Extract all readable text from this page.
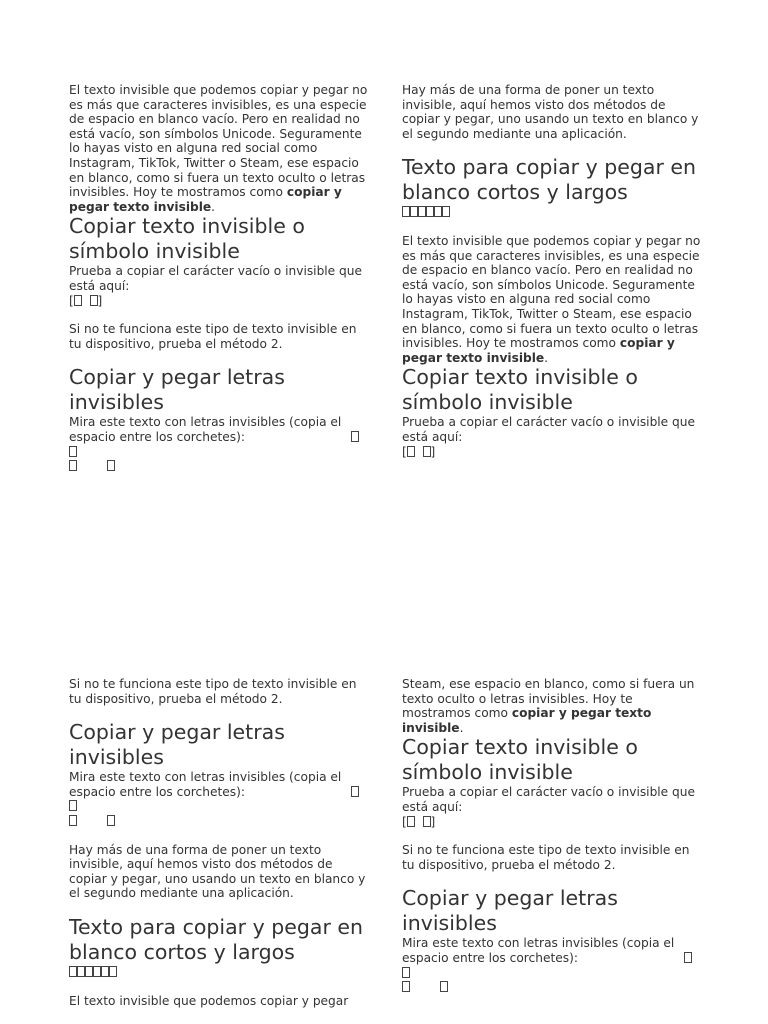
El texto invisible que podemos copiar y pegar no es más que caracteres invisibles, es una especie de espacio en blanco vacío. Pero en realidad no está vacío, son símbolos Unicode. Seguramente lo hayas visto en alguna red social como Instagram, TikTok, Twitter o Steam, ese espacio en blanco, como si fuera un texto oculto o letras invisibles. Hoy te mostramos como copiar y pegar texto invisible.

Copiar texto invisible o símbolo invisible

Prueba a copiar el carácter vacío o invisible que está aquí:

[ ]

Si no te funciona este tipo de texto invisible en tu dispositivo, prueba el método 2.

Copiar y pegar letras invisibles

Mira este texto con letras invisibles (copia el espacio entre los corchetes):

Hay más de una forma de poner un texto invisible, aquí hemos visto dos métodos de copiar y pegar, uno usando un texto en blanco y el segundo mediante una aplicación.

Texto para copiar y pegar en blanco cortos y largos

El texto invisible que podemos copiar y pegar no es más que caracteres invisibles, es una especie de espacio en blanco vacío. Pero en realidad no está vacío, son símbolos Unicode. Seguramente lo hayas visto en alguna red social como Instagram, TikTok, Twitter o Steam, ese espacio en blanco, como si fuera un texto oculto o letras invisibles. Hoy te mostramos como copiar y pegar texto invisible.

Copiar texto invisible o símbolo invisible

Prueba a copiar el carácter vacío o invisible que está aquí:

[ ]

Si no te funciona este tipo de texto invisible en tu dispositivo, prueba el método 2.

Copiar y pegar letras invisibles

Mira este texto con letras invisibles (copia el espacio entre los corchetes):

Hay más de una forma de poner un texto invisible, aquí hemos visto dos métodos de copiar y pegar, uno usando un texto en blanco y el segundo mediante una aplicación.

Texto para copiar y pegar en blanco cortos y largos

El texto invisible que podemos copiar y pegar

Steam, ese espacio en blanco, como si fuera un texto oculto o letras invisibles. Hoy te mostramos como copiar y pegar texto invisible.

Copiar texto invisible o símbolo invisible

Prueba a copiar el carácter vacío o invisible que está aquí:

[ ]

Si no te funciona este tipo de texto invisible en tu dispositivo, prueba el método 2.

Copiar y pegar letras invisibles

Mira este texto con letras invisibles (copia el espacio entre los corchetes):
